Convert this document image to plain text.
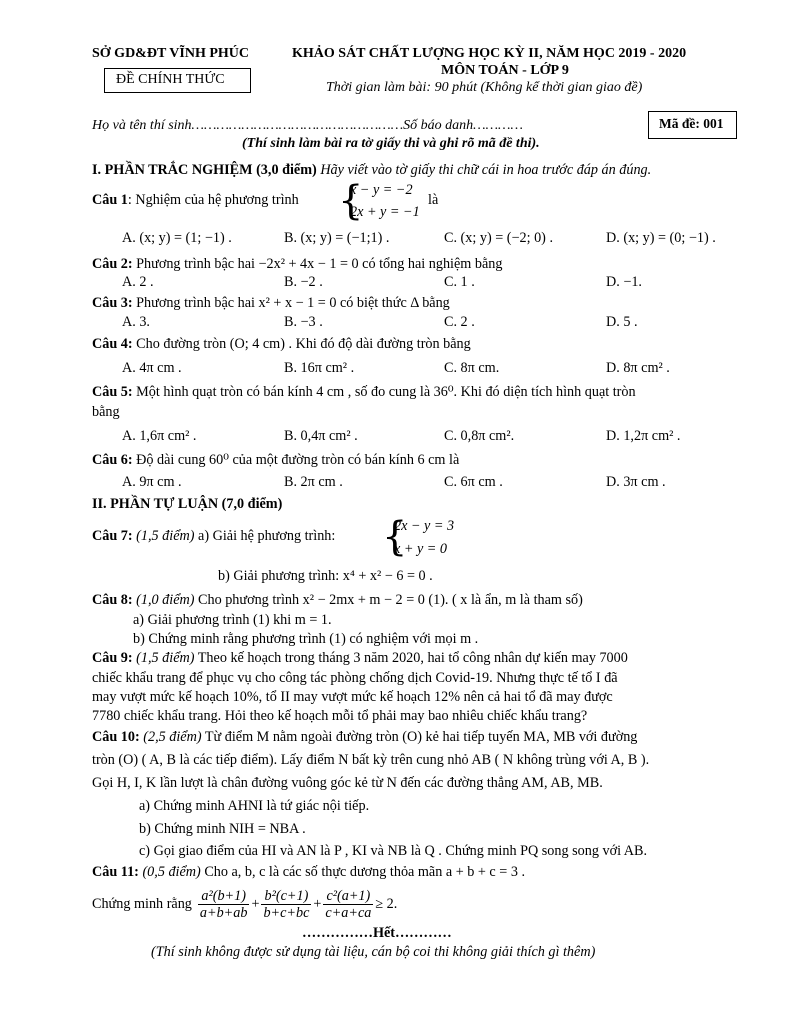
SỞ GD&ĐT VĨNH PHÚC
ĐỀ CHÍNH THỨC
KHẢO SÁT CHẤT LƯỢNG HỌC KỲ II, NĂM HỌC 2019 - 2020
MÔN TOÁN - LỚP 9
Thời gian làm bài: 90 phút (Không kể thời gian giao đề)
Họ và tên thí sinh……………………………………………Số báo danh…………	Mã đề: 001
(Thí sinh làm bài ra tờ giấy thi và ghi rõ mã đề thi).
I. PHẦN TRẮC NGHIỆM (3,0 điểm) Hãy viết vào tờ giấy thi chữ cái in hoa trước đáp án đúng.
Câu 1: Nghiệm của hệ phương trình {
x − y = −2
2x + y = −1
là
A. (x; y) = (1; −1) .	B. (x; y) = (−1;1) .	C. (x; y) = (−2; 0) .	D. (x; y) = (0; −1) .
Câu 2: Phương trình bậc hai −2x² + 4x − 1 = 0 có tổng hai nghiệm bằng
A. 2 .	B. −2 .	C. 1 .	D. −1.
Câu 3: Phương trình bậc hai x² + x − 1 = 0 có biệt thức Δ bằng
A. 3.	B. −3 .	C. 2 .	D. 5 .
Câu 4: Cho đường tròn (O; 4 cm) . Khi đó độ dài đường tròn bằng
A. 4π cm .	B. 16π cm² .	C. 8π cm.	D. 8π cm² .
Câu 5: Một hình quạt tròn có bán kính 4 cm , số đo cung là 36⁰. Khi đó diện tích hình quạt tròn
bằng
A. 1,6π cm² .	B. 0,4π cm² .	C. 0,8π cm².	D. 1,2π cm² .
Câu 6: Độ dài cung 60⁰ của một đường tròn có bán kính 6 cm là
A. 9π cm .	B. 2π cm .	C. 6π cm .	D. 3π cm .
II. PHẦN TỰ LUẬN (7,0 điểm)
Câu 7: (1,5 điểm) a) Giải hệ phương trình: {
2x − y = 3
x + y = 0
b) Giải phương trình: x⁴ + x² − 6 = 0 .
Câu 8: (1,0 điểm) Cho phương trình x² − 2mx + m − 2 = 0 (1). ( x là ẩn, m là tham số)
a) Giải phương trình (1) khi m = 1.
b) Chứng minh rằng phương trình (1) có nghiệm với mọi m .
Câu 9: (1,5 điểm) Theo kế hoạch trong tháng 3 năm 2020, hai tổ công nhân dự kiến may 7000
chiếc khẩu trang để phục vụ cho công tác phòng chống dịch Covid-19. Nhưng thực tế tổ I đã
may vượt mức kế hoạch 10%, tổ II may vượt mức kế hoạch 12% nên cả hai tổ đã may được
7780 chiếc khẩu trang. Hỏi theo kế hoạch mỗi tổ phải may bao nhiêu chiếc khẩu trang?
Câu 10: (2,5 điểm) Từ điểm M nằm ngoài đường tròn (O) kẻ hai tiếp tuyến MA, MB với đường
tròn (O) ( A, B là các tiếp điểm). Lấy điểm N bất kỳ trên cung nhỏ AB ( N không trùng với A, B ).
Gọi H, I, K lần lượt là chân đường vuông góc kẻ từ N đến các đường thẳng AM, AB, MB.
a) Chứng minh AHNI là tứ giác nội tiếp.
b) Chứng minh NIH = NBA .
c) Gọi giao điểm của HI và AN là P , KI và NB là Q . Chứng minh PQ song song với AB.
Câu 11: (0,5 điểm) Cho a, b, c là các số thực dương thỏa mãn a + b + c = 3 .
Chứng minh rằng $\frac{\text{a²(b+1)}}{a+b+ab} + \frac{\text{b²(c+1)}}{b+c+bc} + \frac{\text{c²(a+1)}}{c+a+ca} \ge 2$.
……………Hết…………
(Thí sinh không được sử dụng tài liệu, cán bộ coi thi không giải thích gì thêm)
